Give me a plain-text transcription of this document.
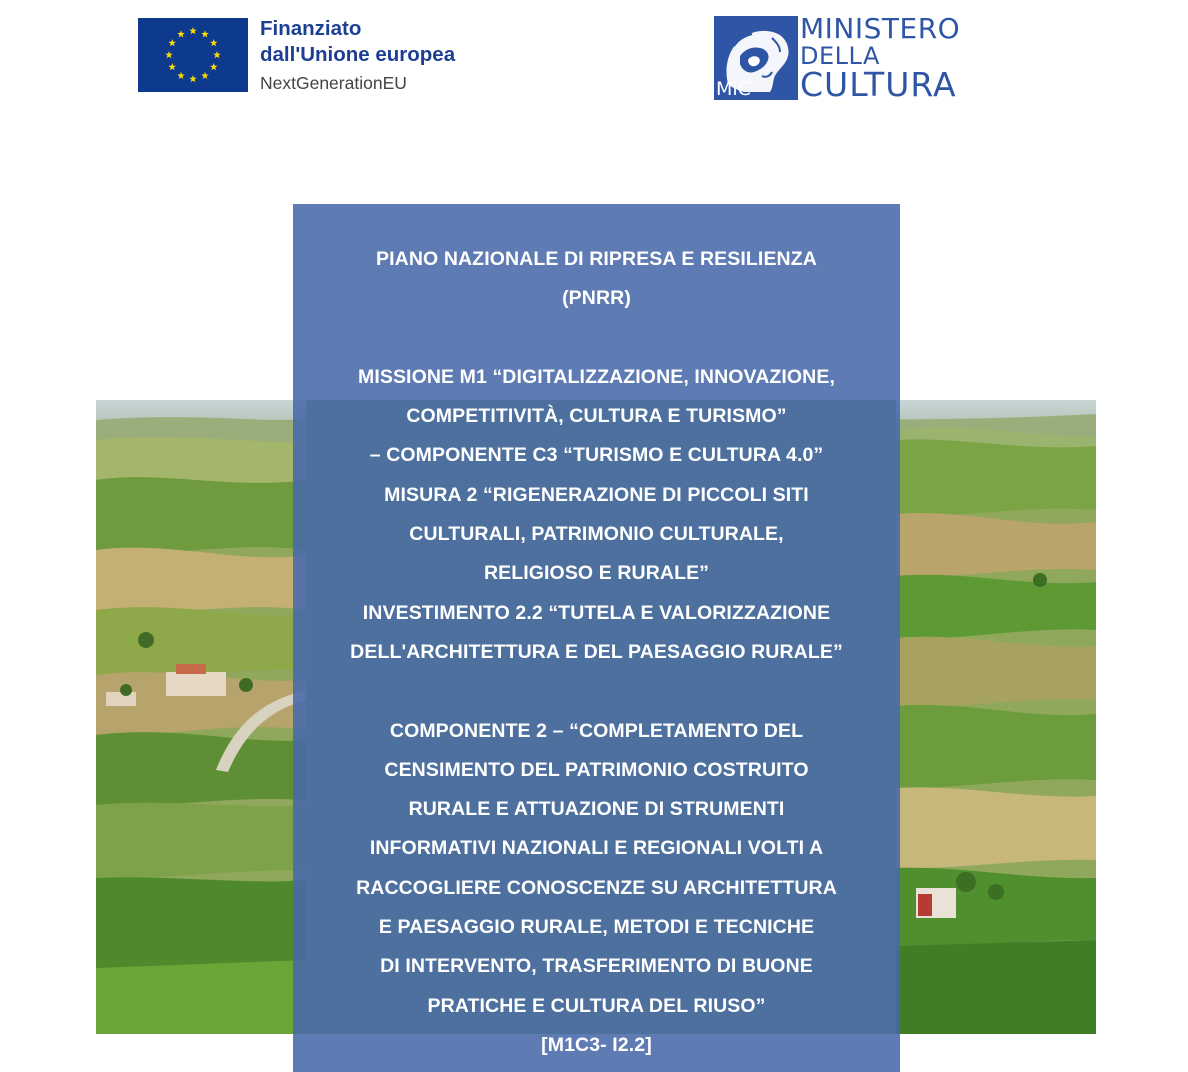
Finanziato
dall'Unione europea
NextGenerationEU	MiC
MINISTERO
DELLA
CULTURA
PIANO NAZIONALE DI RIPRESA E RESILIENZA
(PNRR)
MISSIONE M1 “DIGITALIZZAZIONE, INNOVAZIONE,
COMPETITIVITÀ, CULTURA E TURISMO”
– COMPONENTE C3 “TURISMO E CULTURA 4.0”
MISURA 2 “RIGENERAZIONE DI PICCOLI SITI
CULTURALI, PATRIMONIO CULTURALE,
RELIGIOSO E RURALE”
INVESTIMENTO 2.2 “TUTELA E VALORIZZAZIONE
DELL'ARCHITETTURA E DEL PAESAGGIO RURALE”
COMPONENTE 2 – “COMPLETAMENTO DEL
CENSIMENTO DEL PATRIMONIO COSTRUITO
RURALE E ATTUAZIONE DI STRUMENTI
INFORMATIVI NAZIONALI E REGIONALI VOLTI A
RACCOGLIERE CONOSCENZE SU ARCHITETTURA
E PAESAGGIO RURALE, METODI E TECNICHE
DI INTERVENTO, TRASFERIMENTO DI BUONE
PRATICHE E CULTURA DEL RIUSO”
[M1C3- I2.2]
